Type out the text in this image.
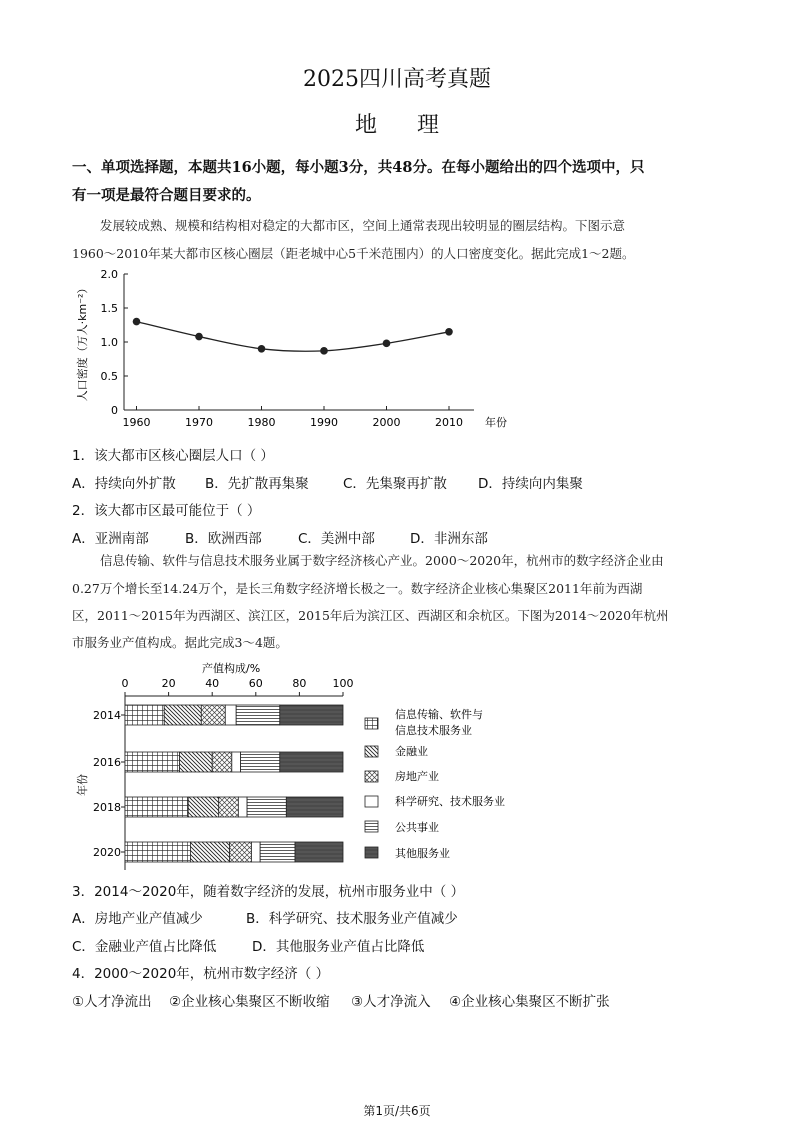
2025四川高考真题
地理
一、单项选择题，本题共16小题，每小题3分，共48分。在每小题给出的四个选项中，只
有一项是最符合题目要求的。
发展较成熟、规模和结构相对稳定的大都市区，空间上通常表现出较明显的圈层结构。下图示意
1960～2010年某大都市区核心圈层（距老城中心5千米范围内）的人口密度变化。据此完成1～2题。
人口密度（万人·km⁻²）
年份
0
0.5
1.0
1.5
2.0
1960	1970	1980	1990	2000	2010
1．该大都市区核心圈层人口（ ）
A．持续向外扩散 B．先扩散再集聚	C．先集聚再扩散 D．持续向内集聚
2．该大都市区最可能位于（ ）
A．亚洲南部	B．欧洲西部	C．美洲中部	D．非洲东部
信息传输、软件与信息技术服务业属于数字经济核心产业。2000～2020年，杭州市的数字经济企业由
0.27万个增长至14.24万个，是长三角数字经济增长极之一。数字经济企业核心集聚区2011年前为西湖
区，2011～2015年为西湖区、滨江区，2015年后为滨江区、西湖区和余杭区。下图为2014～2020年杭州
市服务业产值构成。据此完成3～4题。
产值构成/%
0	20	40	60	80 100
年份
2014
2016
2018
2020
信息传输、软件与
信息技术服务业
金融业
房地产业
科学研究、技术服务业
公共事业
其他服务业
3．2014～2020年，随着数字经济的发展，杭州市服务业中（ ）
A．房地产业产值减少	B．科学研究、技术服务业产值减少
C．金融业产值占比降低	D．其他服务业产值占比降低
4．2000～2020年，杭州市数字经济（ ）
①人才净流出 ②企业核心集聚区不断收缩 ③人才净流入 ④企业核心集聚区不断扩张
第1页/共6页
